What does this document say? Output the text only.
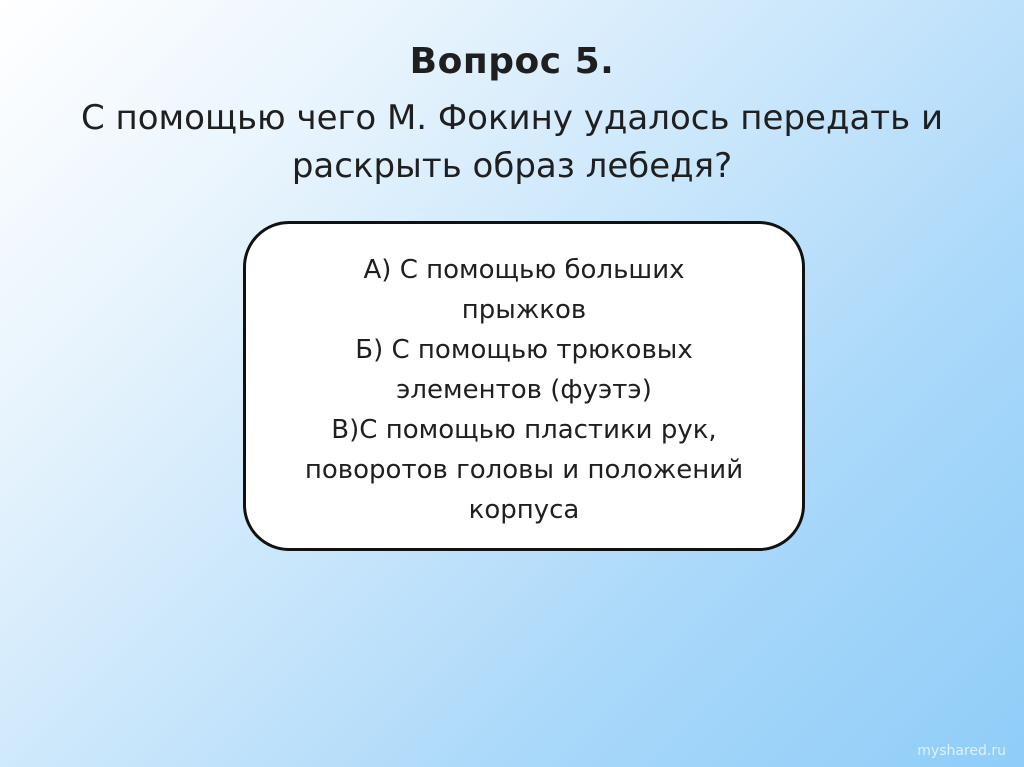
Вопрос 5.
С помощью чего М. Фокину удалось передать и
раскрыть образ лебедя?
А) С помощью больших
прыжков
Б) С помощью трюковых
элементов (фуэтэ)
В)С помощью пластики рук,
поворотов головы и положений
корпуса
myshared.ru
